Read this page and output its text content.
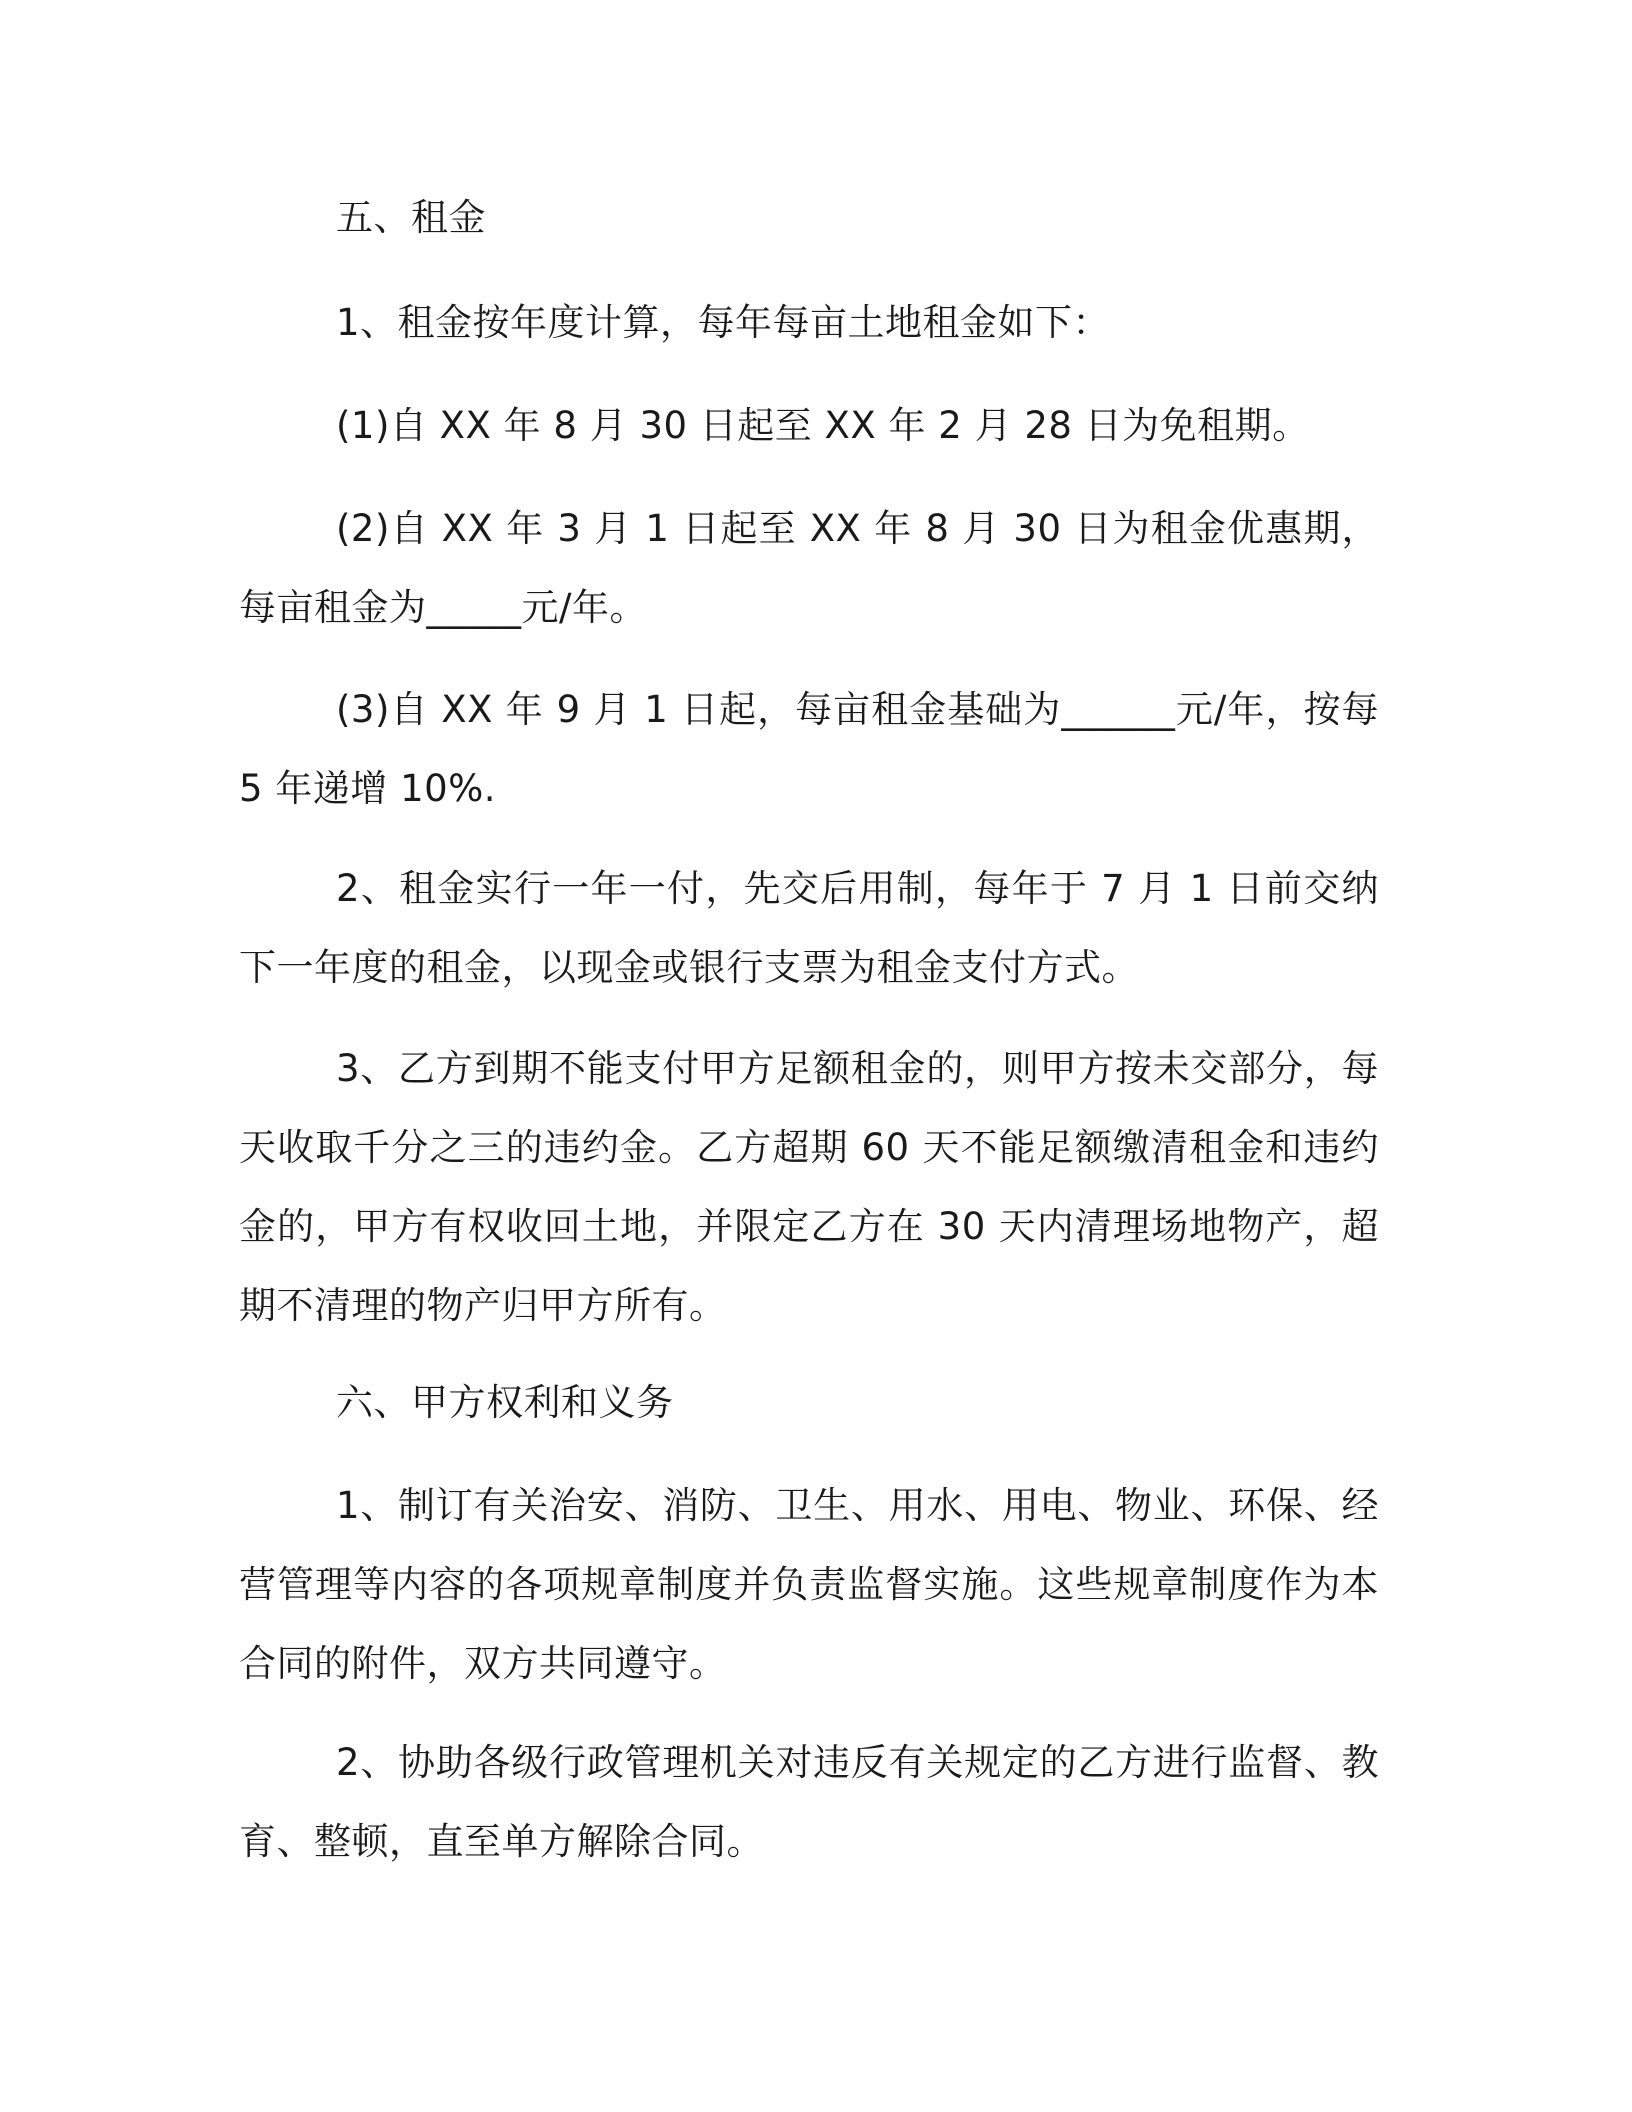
五、租金

1、租金按年度计算，每年每亩土地租金如下：

(1)自 XX 年 8 月 30 日起至 XX 年 2 月 28 日为免租期。

(2)自 XX 年 3 月 1 日起至 XX 年 8 月 30 日为租金优惠期，每亩租金为_____元/年。

(3)自 XX 年 9 月 1 日起，每亩租金基础为______元/年，按每 5 年递增 10%.

2、租金实行一年一付，先交后用制，每年于 7 月 1 日前交纳下一年度的租金，以现金或银行支票为租金支付方式。

3、乙方到期不能支付甲方足额租金的，则甲方按未交部分，每天收取千分之三的违约金。乙方超期 60 天不能足额缴清租金和违约金的，甲方有权收回土地，并限定乙方在 30 天内清理场地物产，超期不清理的物产归甲方所有。

六、甲方权利和义务

1、制订有关治安、消防、卫生、用水、用电、物业、环保、经营管理等内容的各项规章制度并负责监督实施。这些规章制度作为本合同的附件，双方共同遵守。

2、协助各级行政管理机关对违反有关规定的乙方进行监督、教育、整顿，直至单方解除合同。
